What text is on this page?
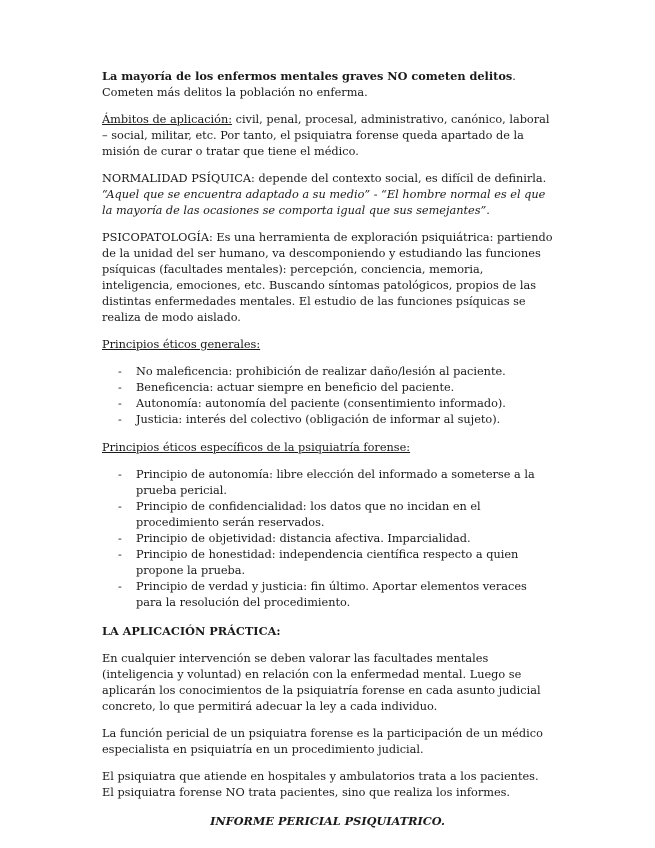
La mayoría de los enfermos mentales graves NO cometen delitos. Cometen más delitos la población no enferma.

Ámbitos de aplicación: civil, penal, procesal, administrativo, canónico, laboral – social, militar, etc. Por tanto, el psiquiatra forense queda apartado de la misión de curar o tratar que tiene el médico.

NORMALIDAD PSÍQUICA: depende del contexto social, es difícil de definirla. “Aquel que se encuentra adaptado a su medio” - “El hombre normal es el que la mayoría de las ocasiones se comporta igual que sus semejantes”.

PSICOPATOLOGÍA: Es una herramienta de exploración psiquiátrica: partiendo de la unidad del ser humano, va descomponiendo y estudiando las funciones psíquicas (facultades mentales): percepción, conciencia, memoria, inteligencia, emociones, etc. Buscando síntomas patológicos, propios de las distintas enfermedades mentales. El estudio de las funciones psíquicas se realiza de modo aislado.

Principios éticos generales:

- No maleficencia: prohibición de realizar daño/lesión al paciente.
- Beneficencia: actuar siempre en beneficio del paciente.
- Autonomía: autonomía del paciente (consentimiento informado).
- Justicia: interés del colectivo (obligación de informar al sujeto).

Principios éticos específicos de la psiquiatría forense:

- Principio de autonomía: libre elección del informado a someterse a la prueba pericial.
- Principio de confidencialidad: los datos que no incidan en el procedimiento serán reservados.
- Principio de objetividad: distancia afectiva. Imparcialidad.
- Principio de honestidad: independencia científica respecto a quien propone la prueba.
- Principio de verdad y justicia: fin último. Aportar elementos veraces para la resolución del procedimiento.

LA APLICACIÓN PRÁCTICA:

En cualquier intervención se deben valorar las facultades mentales (inteligencia y voluntad) en relación con la enfermedad mental. Luego se aplicarán los conocimientos de la psiquiatría forense en cada asunto judicial concreto, lo que permitirá adecuar la ley a cada individuo.

La función pericial de un psiquiatra forense es la participación de un médico especialista en psiquiatría en un procedimiento judicial.

El psiquiatra que atiende en hospitales y ambulatorios trata a los pacientes. El psiquiatra forense NO trata pacientes, sino que realiza los informes.

INFORME PERICIAL PSIQUIATRICO.
